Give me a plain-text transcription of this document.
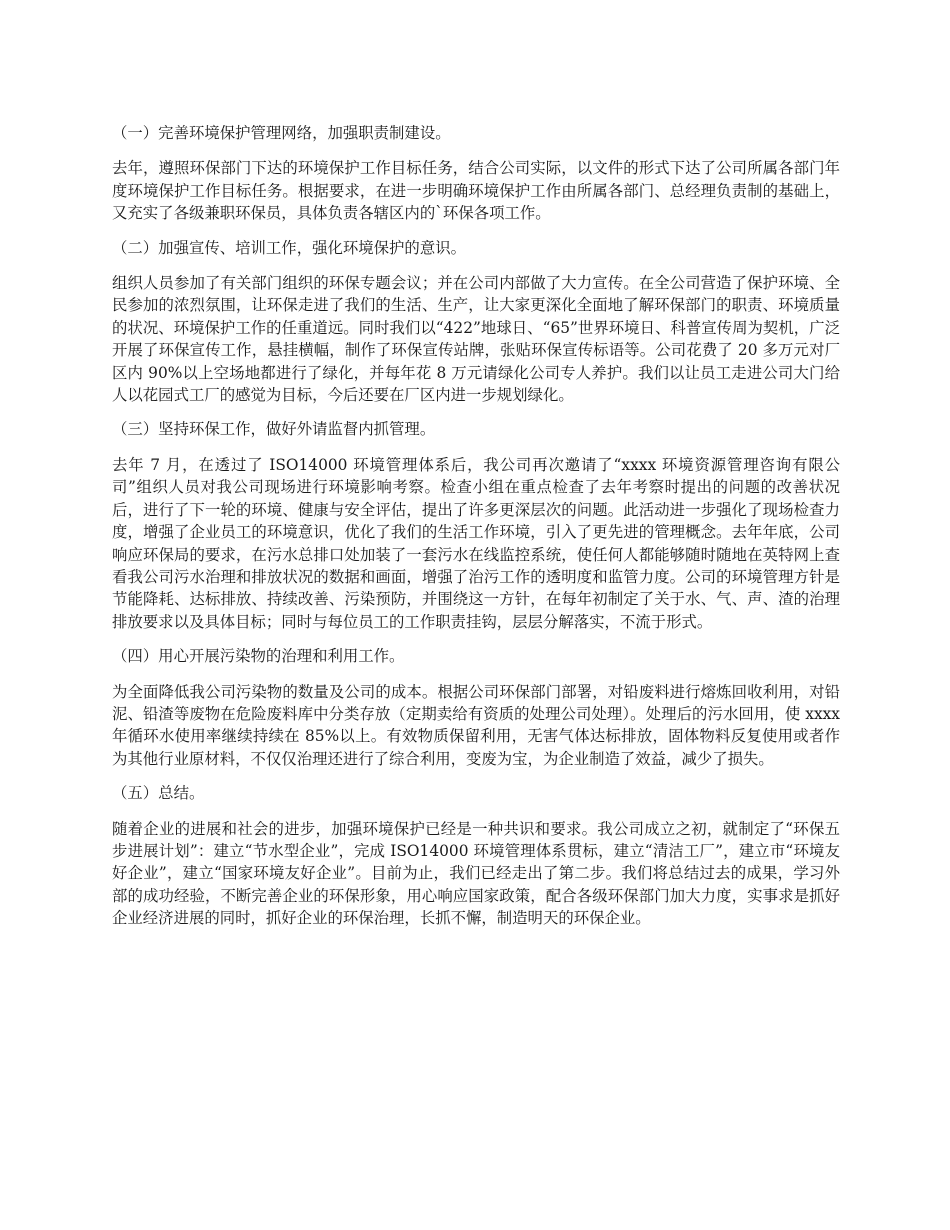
（一）完善环境保护管理网络，加强职责制建设。

去年，遵照环保部门下达的环境保护工作目标任务，结合公司实际，以文件的形式下达了公司所属各部门年度环境保护工作目标任务。根据要求，在进一步明确环境保护工作由所属各部门、总经理负责制的基础上，又充实了各级兼职环保员，具体负责各辖区内的`环保各项工作。

（二）加强宣传、培训工作，强化环境保护的意识。

组织人员参加了有关部门组织的环保专题会议；并在公司内部做了大力宣传。在全公司营造了保护环境、全民参加的浓烈氛围，让环保走进了我们的生活、生产，让大家更深化全面地了解环保部门的职责、环境质量的状况、环境保护工作的任重道远。同时我们以“422”地球日、“65”世界环境日、科普宣传周为契机，广泛开展了环保宣传工作，悬挂横幅，制作了环保宣传站牌，张贴环保宣传标语等。公司花费了 20 多万元对厂区内 90%以上空场地都进行了绿化，并每年花 8 万元请绿化公司专人养护。我们以让员工走进公司大门给人以花园式工厂的感觉为目标，今后还要在厂区内进一步规划绿化。

（三）坚持环保工作，做好外请监督内抓管理。

去年 7 月，在透过了 ISO14000 环境管理体系后，我公司再次邀请了“xxxx 环境资源管理咨询有限公司”组织人员对我公司现场进行环境影响考察。检查小组在重点检查了去年考察时提出的问题的改善状况后，进行了下一轮的环境、健康与安全评估，提出了许多更深层次的问题。此活动进一步强化了现场检查力度，增强了企业员工的环境意识，优化了我们的生活工作环境，引入了更先进的管理概念。去年年底，公司响应环保局的要求，在污水总排口处加装了一套污水在线监控系统，使任何人都能够随时随地在英特网上查看我公司污水治理和排放状况的数据和画面，增强了治污工作的透明度和监管力度。公司的环境管理方针是节能降耗、达标排放、持续改善、污染预防，并围绕这一方针，在每年初制定了关于水、气、声、渣的治理排放要求以及具体目标；同时与每位员工的工作职责挂钩，层层分解落实，不流于形式。

（四）用心开展污染物的治理和利用工作。

为全面降低我公司污染物的数量及公司的成本。根据公司环保部门部署，对铅废料进行熔炼回收利用，对铅泥、铅渣等废物在危险废料库中分类存放（定期卖给有资质的处理公司处理）。处理后的污水回用，使 xxxx 年循环水使用率继续持续在 85%以上。有效物质保留利用，无害气体达标排放，固体物料反复使用或者作为其他行业原材料，不仅仅治理还进行了综合利用，变废为宝，为企业制造了效益，减少了损失。

（五）总结。

随着企业的进展和社会的进步，加强环境保护已经是一种共识和要求。我公司成立之初，就制定了“环保五步进展计划”：建立“节水型企业”，完成 ISO14000 环境管理体系贯标，建立“清洁工厂”，建立市“环境友好企业”，建立“国家环境友好企业”。目前为止，我们已经走出了第二步。我们将总结过去的成果，学习外部的成功经验，不断完善企业的环保形象，用心响应国家政策，配合各级环保部门加大力度，实事求是抓好企业经济进展的同时，抓好企业的环保治理，长抓不懈，制造明天的环保企业。
